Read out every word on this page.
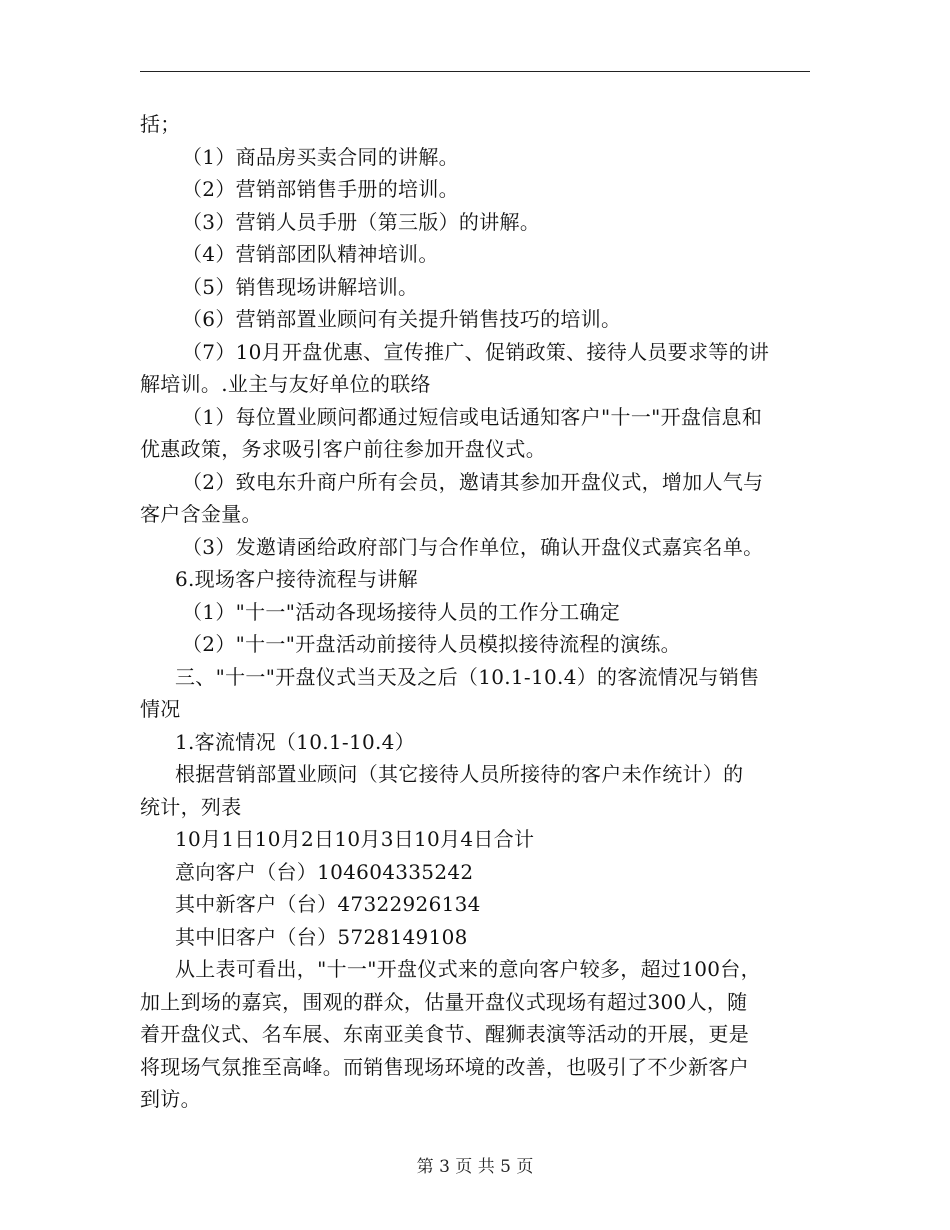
括；

（1）商品房买卖合同的讲解。

（2）营销部销售手册的培训。

（3）营销人员手册（第三版）的讲解。

（4）营销部团队精神培训。

（5）销售现场讲解培训。

（6）营销部置业顾问有关提升销售技巧的培训。

（7）10月开盘优惠、宣传推广、促销政策、接待人员要求等的讲

解培训。.业主与友好单位的联络

（1）每位置业顾问都通过短信或电话通知客户"十一"开盘信息和

优惠政策，务求吸引客户前往参加开盘仪式。

（2）致电东升商户所有会员，邀请其参加开盘仪式，增加人气与

客户含金量。

（3）发邀请函给政府部门与合作单位，确认开盘仪式嘉宾名单。

6.现场客户接待流程与讲解

（1）"十一"活动各现场接待人员的工作分工确定

（2）"十一"开盘活动前接待人员模拟接待流程的演练。

三、"十一"开盘仪式当天及之后（10.1-10.4）的客流情况与销售

情况

1.客流情况（10.1-10.4）

根据营销部置业顾问（其它接待人员所接待的客户未作统计）的

统计，列表

10月1日10月2日10月3日10月4日合计

意向客户（台）104604335242

其中新客户（台）47322926134

其中旧客户（台）5728149108

从上表可看出，"十一"开盘仪式来的意向客户较多，超过100台，

加上到场的嘉宾，围观的群众，估量开盘仪式现场有超过300人，随

着开盘仪式、名车展、东南亚美食节、醒狮表演等活动的开展，更是

将现场气氛推至高峰。而销售现场环境的改善，也吸引了不少新客户

到访。

第 3 页 共 5 页
